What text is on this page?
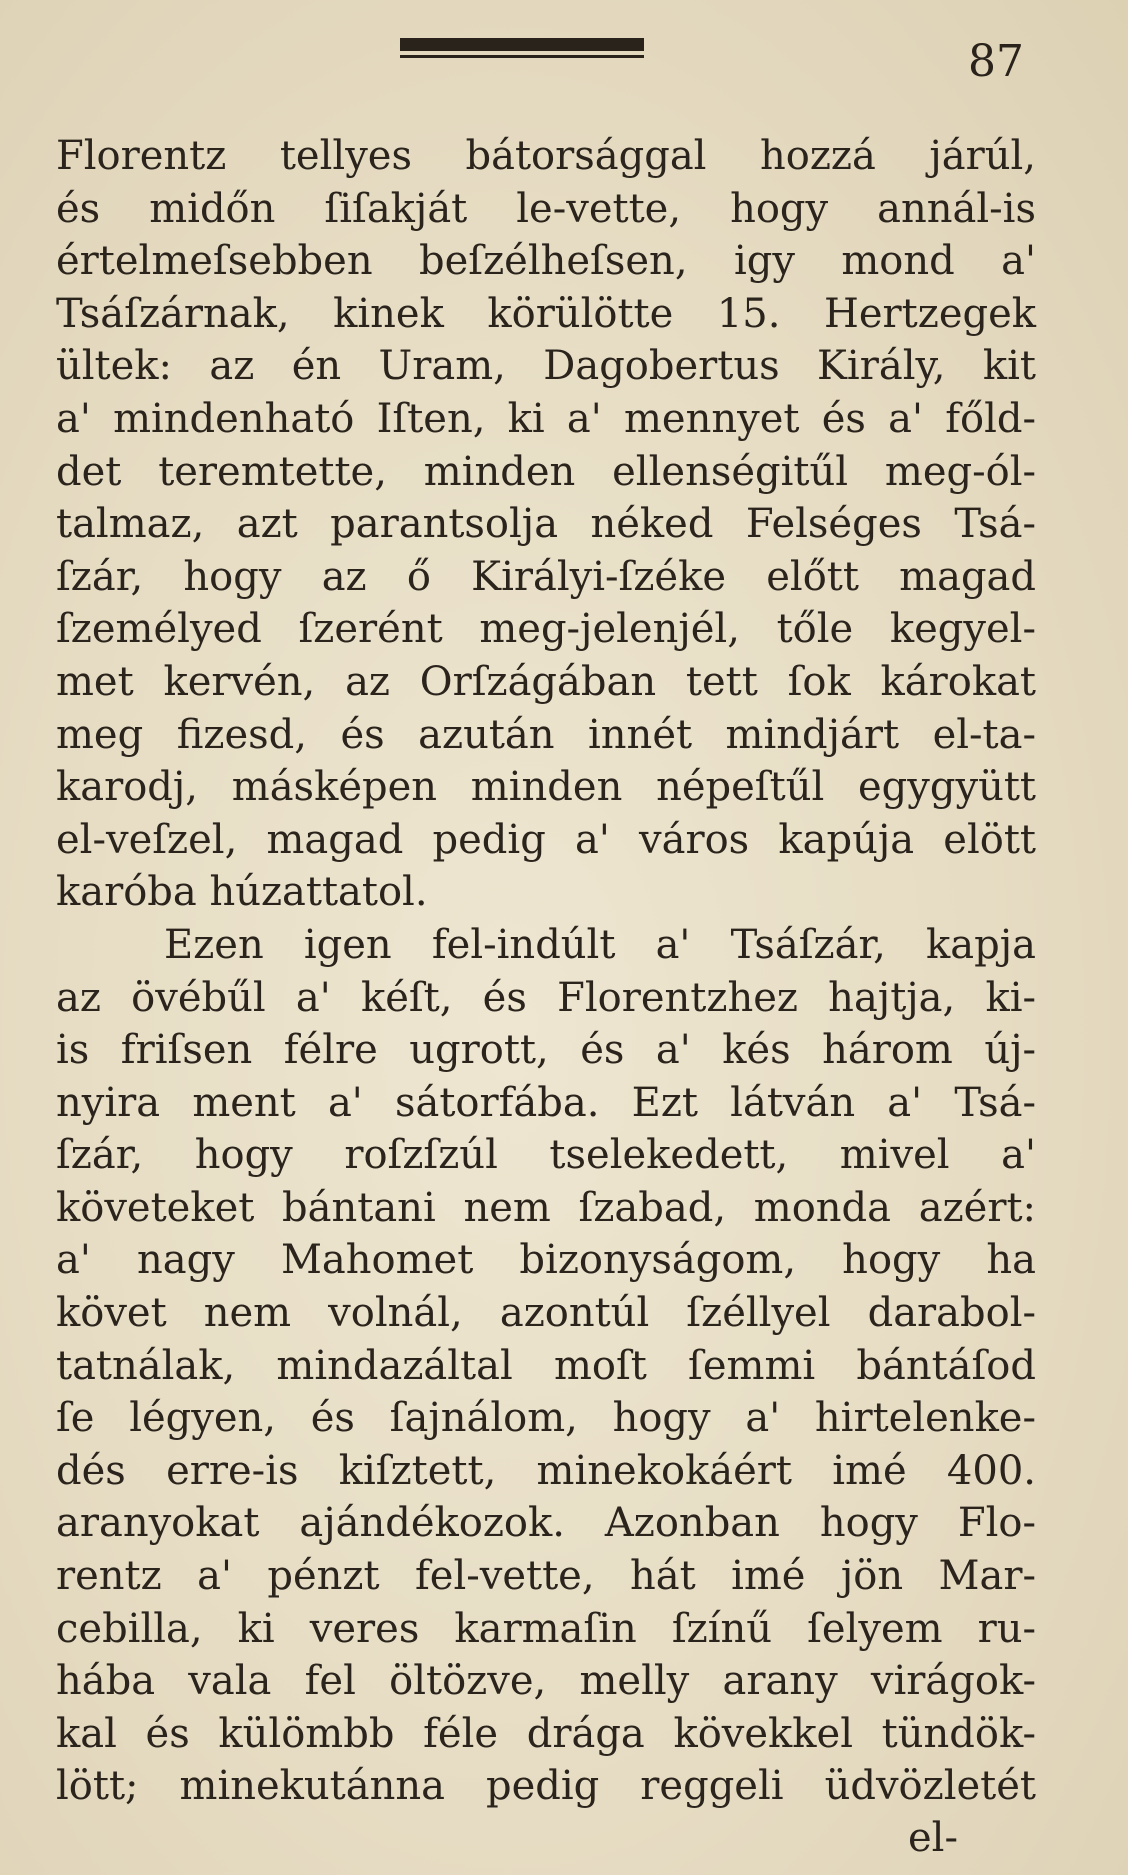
87
Florentz tellyes bátorsággal hozzá járúl,
és midőn ſiſakját le-vette, hogy annál-is
értelmeſsebben beſzélheſsen, igy mond a'
Tsáſzárnak, kinek körülötte 15. Hertzegek
ültek: az én Uram, Dagobertus Király, kit
a' mindenható Iſten, ki a' mennyet és a' főld-
det teremtette, minden ellenségitűl meg-ól-
talmaz, azt parantsolja néked Felséges Tsá-
ſzár, hogy az ő Királyi-ſzéke előtt magad
ſzemélyed ſzerént meg-jelenjél, tőle kegyel-
met kervén, az Orſzágában tett ſok károkat
meg fizesd, és azután innét mindjárt el-ta-
karodj, másképen minden népeſtűl egygyütt
el-veſzel, magad pedig a' város kapúja elött
karóba húzattatol.
Ezen igen fel-indúlt a' Tsáſzár, kapja
az övébűl a' kéſt, és Florentzhez hajtja, ki-
is friſsen félre ugrott, és a' kés három új-
nyira ment a' sátorfába. Ezt látván a' Tsá-
ſzár, hogy roſzſzúl tselekedett, mivel a'
követeket bántani nem ſzabad, monda azért:
a' nagy Mahomet bizonyságom, hogy ha
követ nem volnál, azontúl ſzéllyel darabol-
tatnálak, mindazáltal moſt ſemmi bántáſod
ſe légyen, és ſajnálom, hogy a' hirtelenke-
dés erre-is kiſztett, minekokáért imé 400.
aranyokat ajándékozok. Azonban hogy Flo-
rentz a' pénzt fel-vette, hát imé jön Mar-
cebilla, ki veres karmaſin ſzínű ſelyem ru-
hába vala fel öltözve, melly arany virágok-
kal és külömbb féle drága kövekkel tündök-
lött; minekutánna pedig reggeli üdvözletét
el-
